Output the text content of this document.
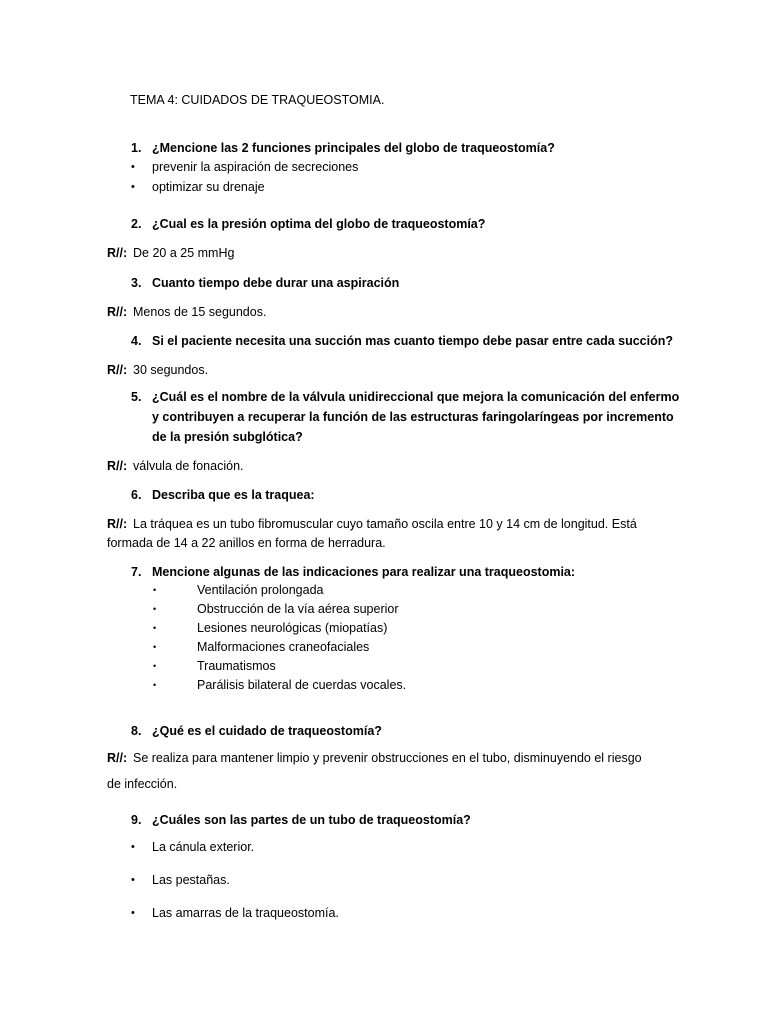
TEMA 4: CUIDADOS DE TRAQUEOSTOMIA.
1. ¿Mencione las 2 funciones principales del globo de traqueostomía?
• prevenir la aspiración de secreciones
• optimizar su drenaje
2. ¿Cual es la presión optima del globo de traqueostomía?
R//: De 20 a 25 mmHg
3. Cuanto tiempo debe durar una aspiración
R//: Menos de 15 segundos.
4. Si el paciente necesita una succión mas cuanto tiempo debe pasar entre cada succión?
R//: 30 segundos.
5. ¿Cuál es el nombre de la válvula unidireccional que mejora la comunicación del enfermo
y contribuyen a recuperar la función de las estructuras faringolaríngeas por incremento
de la presión subglótica?
R//: válvula de fonación.
6. Describa que es la traquea:
R//: La tráquea es un tubo fibromuscular cuyo tamaño oscila entre 10 y 14 cm de longitud. Está
formada de 14 a 22 anillos en forma de herradura.
7. Mencione algunas de las indicaciones para realizar una traqueostomia:
•	Ventilación prolongada
•	Obstrucción de la vía aérea superior
•	Lesiones neurológicas (miopatías)
•	Malformaciones craneofaciales
•	Traumatismos
•	Parálisis bilateral de cuerdas vocales.
8. ¿Qué es el cuidado de traqueostomía?
R//: Se realiza para mantener limpio y prevenir obstrucciones en el tubo, disminuyendo el riesgo
de infección.
9. ¿Cuáles son las partes de un tubo de traqueostomía?
• La cánula exterior.
• Las pestañas.
• Las amarras de la traqueostomía.
